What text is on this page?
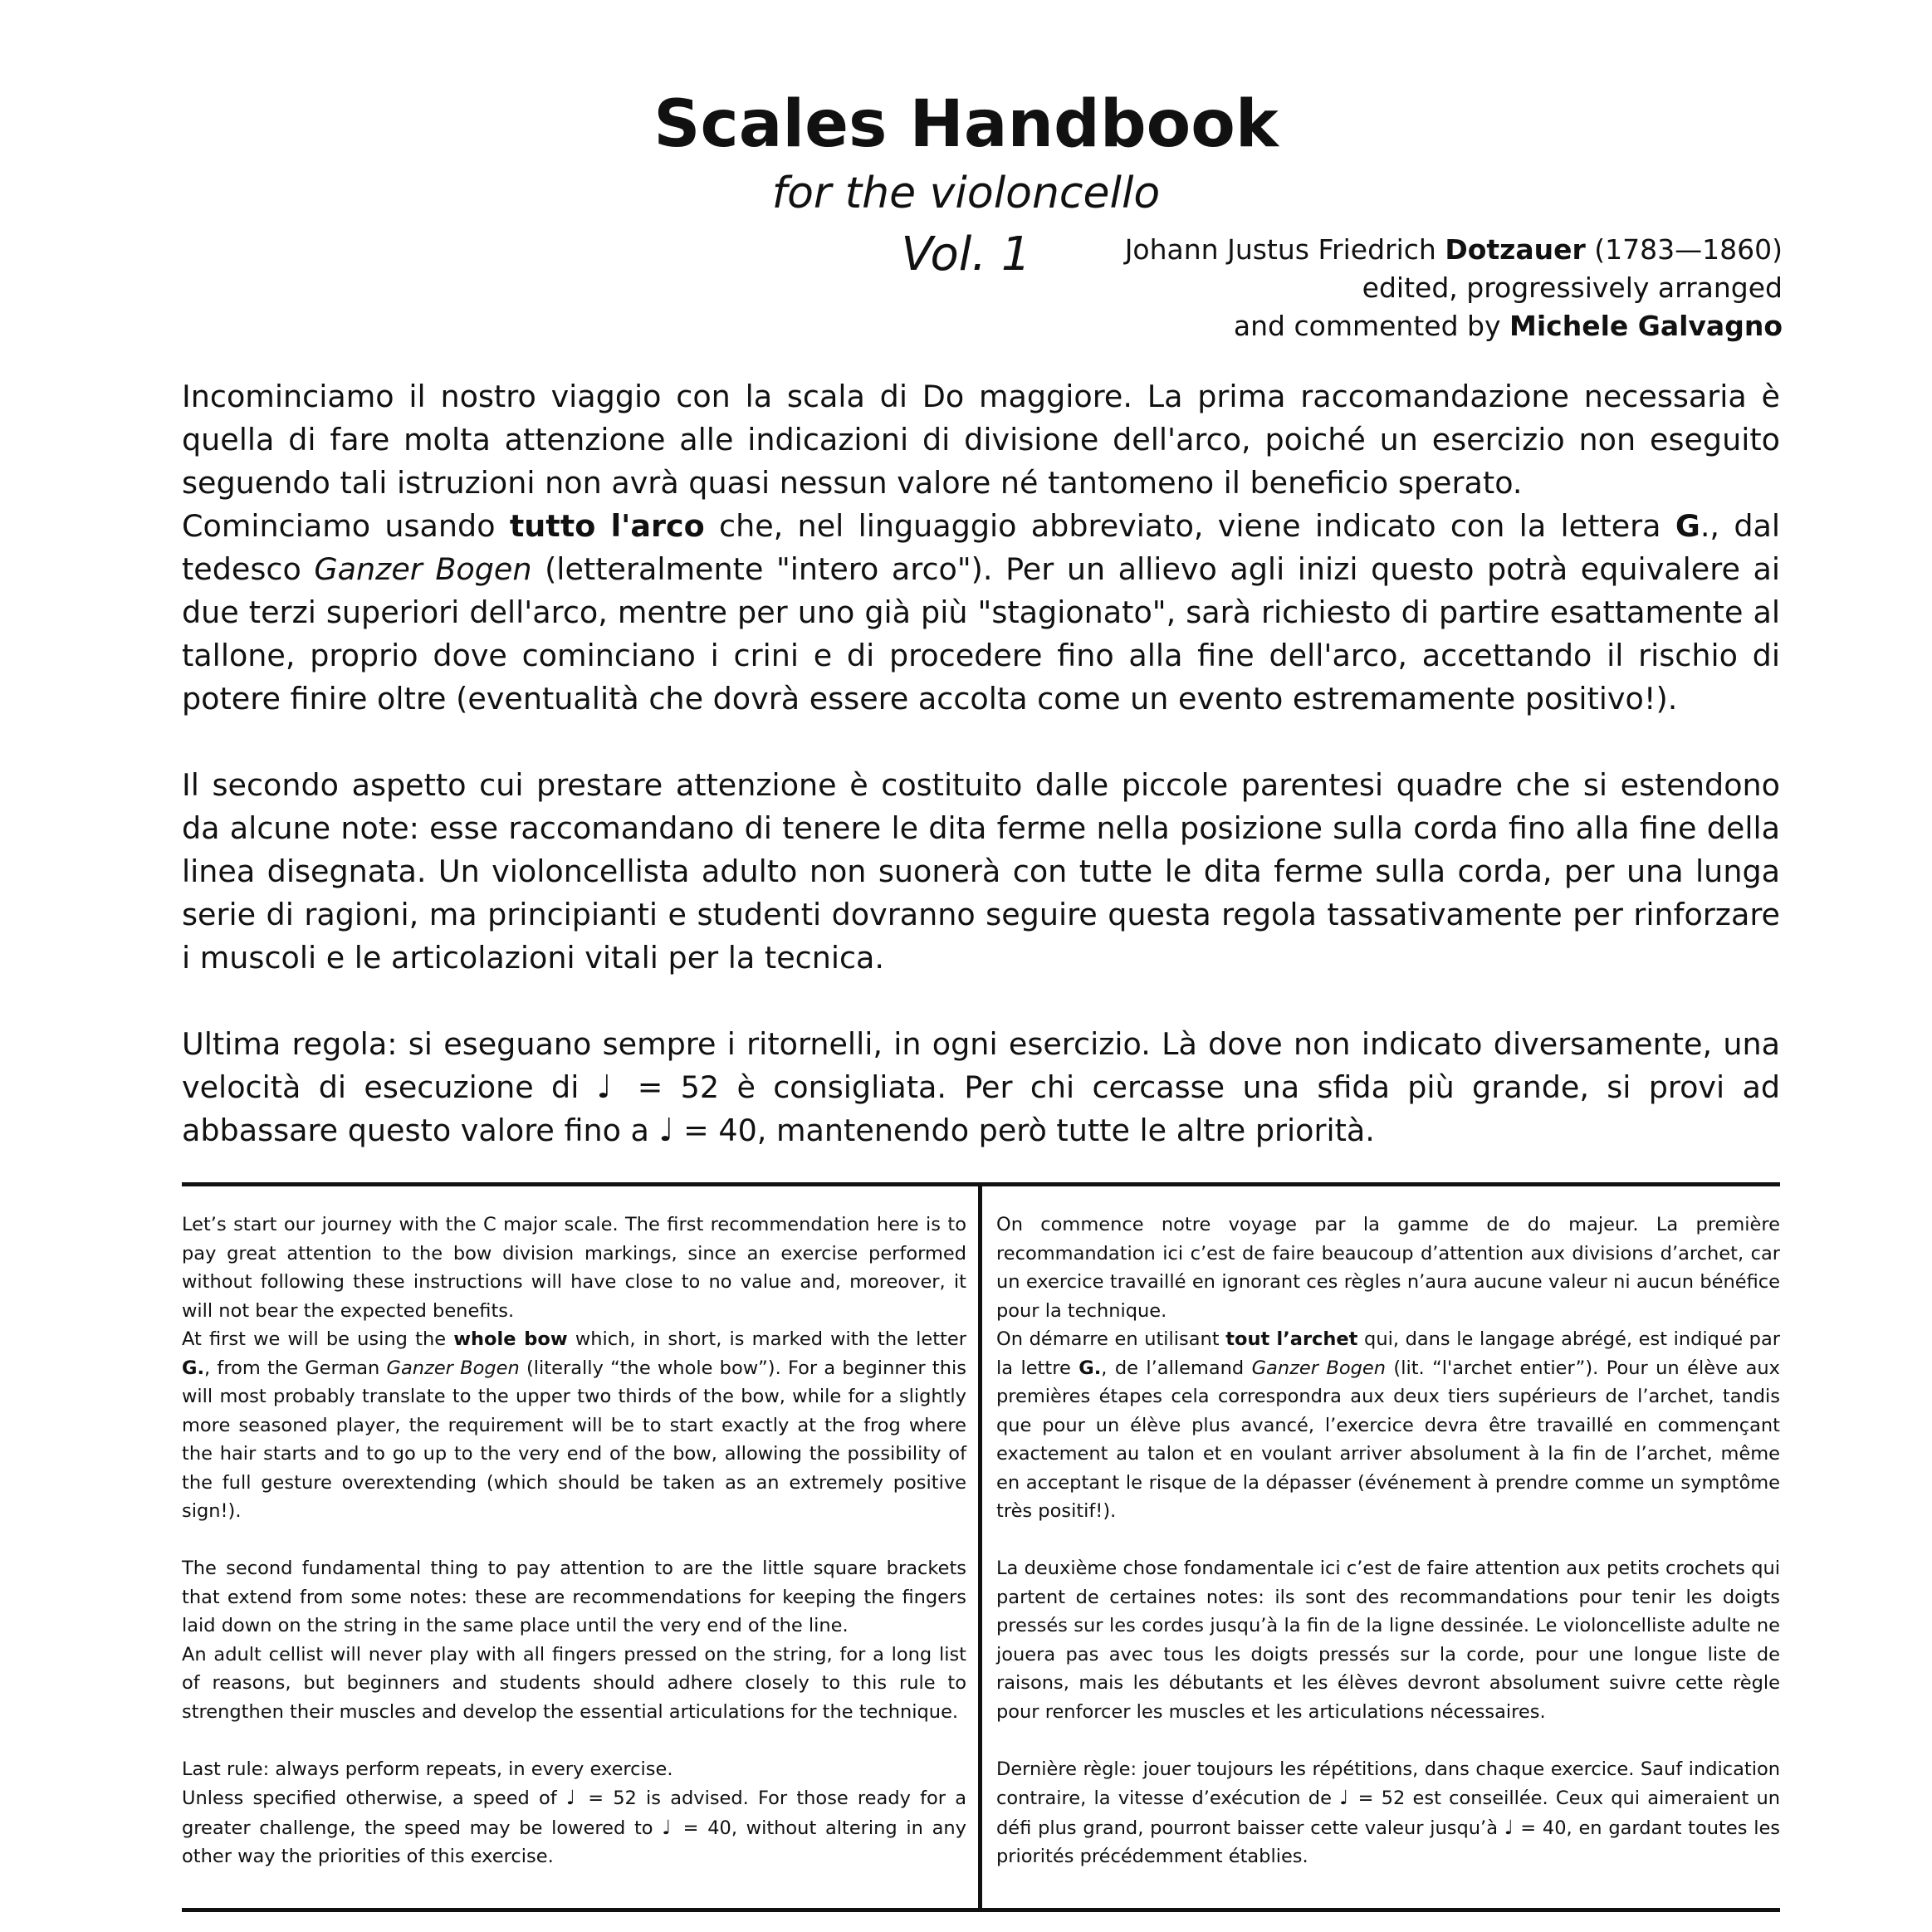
Scales Handbook
for the violoncello
Vol. 1	Johann Justus Friedrich Dotzauer (1783—1860)
edited, progressively arranged
and commented by Michele Galvagno

Incominciamo il nostro viaggio con la scala di Do maggiore. La prima raccomandazione necessaria è quella di fare molta attenzione alle indicazioni di divisione dell'arco, poiché un esercizio non eseguito seguendo tali istruzioni non avrà quasi nessun valore né tantomeno il beneficio sperato.

Cominciamo usando tutto l'arco che, nel linguaggio abbreviato, viene indicato con la lettera G., dal tedesco Ganzer Bogen (letteralmente "intero arco"). Per un allievo agli inizi questo potrà equivalere ai due terzi superiori dell'arco, mentre per uno già più "stagionato", sarà richiesto di partire esattamente al tallone, proprio dove cominciano i crini e di procedere fino alla fine dell'arco, accettando il rischio di potere finire oltre (eventualità che dovrà essere accolta come un evento estremamente positivo!).

Il secondo aspetto cui prestare attenzione è costituito dalle piccole parentesi quadre che si estendono da alcune note: esse raccomandano di tenere le dita ferme nella posizione sulla corda fino alla fine della linea disegnata. Un violoncellista adulto non suonerà con tutte le dita ferme sulla corda, per una lunga serie di ragioni, ma principianti e studenti dovranno seguire questa regola tassativamente per rinforzare i muscoli e le articolazioni vitali per la tecnica.

Ultima regola: si eseguano sempre i ritornelli, in ogni esercizio. Là dove non indicato diversamente, una velocità di esecuzione di ♩ = 52 è consigliata. Per chi cercasse una sfida più grande, si provi ad abbassare questo valore fino a ♩ = 40, mantenendo però tutte le altre priorità.

Let’s start our journey with the C major scale. The first recommendation here is to pay great attention to the bow division markings, since an exercise performed without following these instructions will have close to no value and, moreover, it will not bear the expected benefits.

At first we will be using the whole bow which, in short, is marked with the letter G., from the German Ganzer Bogen (literally “the whole bow”). For a beginner this will most probably translate to the upper two thirds of the bow, while for a slightly more seasoned player, the requirement will be to start exactly at the frog where the hair starts and to go up to the very end of the bow, allowing the possibility of the full gesture overextending (which should be taken as an extremely positive sign!).

The second fundamental thing to pay attention to are the little square brackets that extend from some notes: these are recommendations for keeping the fingers laid down on the string in the same place until the very end of the line.

An adult cellist will never play with all fingers pressed on the string, for a long list of reasons, but beginners and students should adhere closely to this rule to strengthen their muscles and develop the essential articulations for the technique.

Last rule: always perform repeats, in every exercise.

Unless specified otherwise, a speed of ♩ = 52 is advised. For those ready for a greater challenge, the speed may be lowered to ♩ = 40, without altering in any other way the priorities of this exercise.

On commence notre voyage par la gamme de do majeur. La première recommandation ici c’est de faire beaucoup d’attention aux divisions d’archet, car un exercice travaillé en ignorant ces règles n’aura aucune valeur ni aucun bénéfice pour la technique.

On démarre en utilisant tout l’archet qui, dans le langage abrégé, est indiqué par la lettre G., de l’allemand Ganzer Bogen (lit. “l'archet entier”). Pour un élève aux premières étapes cela correspondra aux deux tiers supérieurs de l’archet, tandis que pour un élève plus avancé, l’exercice devra être travaillé en commençant exactement au talon et en voulant arriver absolument à la fin de l’archet, même en acceptant le risque de la dépasser (événement à prendre comme un symptôme très positif!).

La deuxième chose fondamentale ici c’est de faire attention aux petits crochets qui partent de certaines notes: ils sont des recommandations pour tenir les doigts pressés sur les cordes jusqu’à la fin de la ligne dessinée. Le violoncelliste adulte ne jouera pas avec tous les doigts pressés sur la corde, pour une longue liste de raisons, mais les débutants et les élèves devront absolument suivre cette règle pour renforcer les muscles et les articulations nécessaires.

Dernière règle: jouer toujours les répétitions, dans chaque exercice. Sauf indication contraire, la vitesse d’exécution de ♩ = 52 est conseillée. Ceux qui aimeraient un défi plus grand, pourront baisser cette valeur jusqu’à ♩ = 40, en gardant toutes les priorités précédemment établies.
